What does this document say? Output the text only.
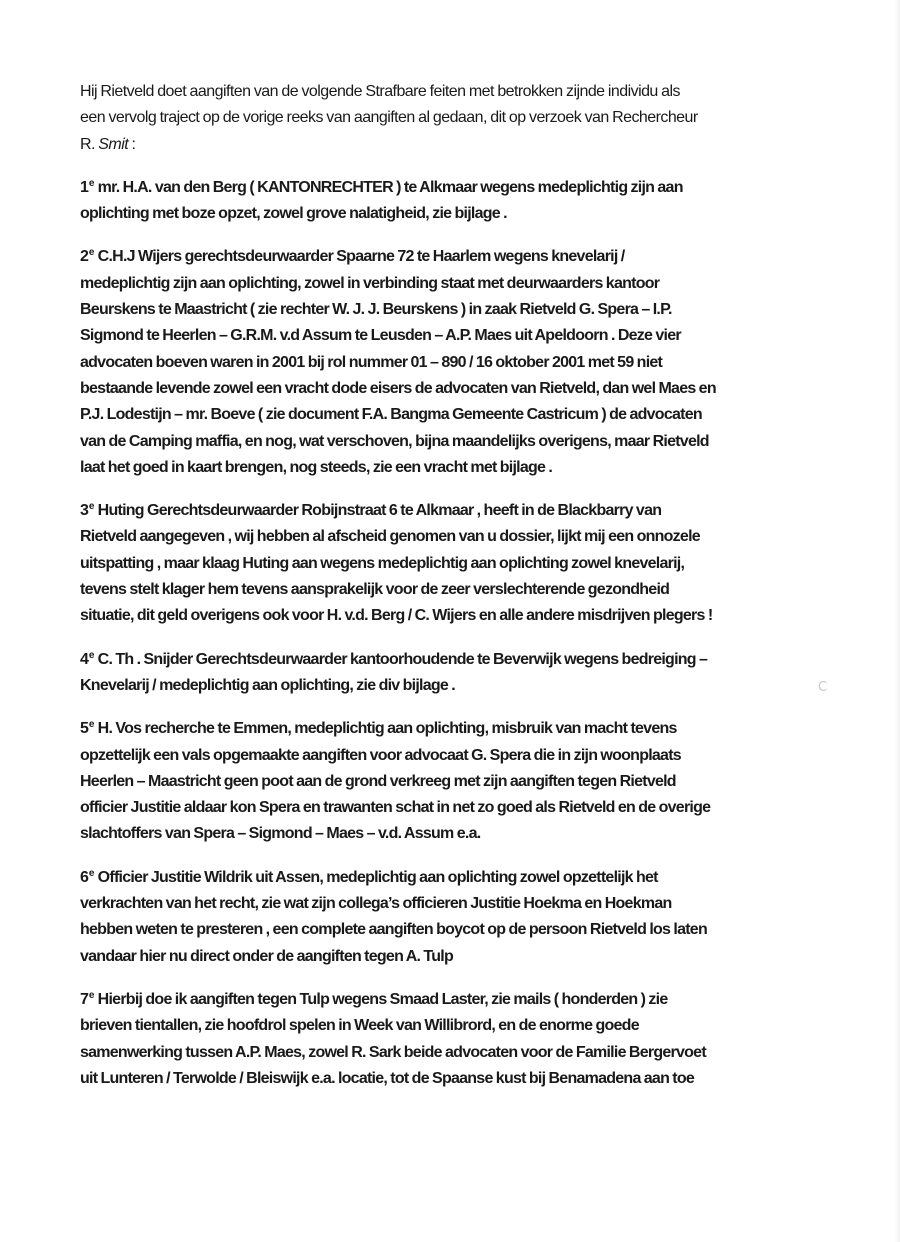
Hij Rietveld doet aangiften van de volgende Strafbare feiten met betrokken zijnde individu als
een vervolg traject op de vorige reeks van aangiften al gedaan, dit op verzoek van Rechercheur
R. Smit :

1e mr. H.A. van den Berg ( KANTONRECHTER ) te Alkmaar wegens medeplichtig zijn aan
oplichting met boze opzet, zowel grove nalatigheid, zie bijlage .

2e C.H.J Wijers gerechtsdeurwaarder Spaarne 72 te Haarlem wegens knevelarij /
medeplichtig zijn aan oplichting, zowel in verbinding staat met deurwaarders kantoor
Beurskens te Maastricht ( zie rechter W. J. J. Beurskens ) in zaak Rietveld G. Spera – I.P.
Sigmond te Heerlen – G.R.M. v.d Assum te Leusden – A.P. Maes uit Apeldoorn . Deze vier
advocaten boeven waren in 2001 bij rol nummer 01 – 890 / 16 oktober 2001 met 59 niet
bestaande levende zowel een vracht dode eisers de advocaten van Rietveld, dan wel Maes en
P.J. Lodestijn – mr. Boeve ( zie document F.A. Bangma Gemeente Castricum ) de advocaten
van de Camping maffia, en nog, wat verschoven, bijna maandelijks overigens, maar Rietveld
laat het goed in kaart brengen, nog steeds, zie een vracht met bijlage .

3e Huting Gerechtsdeurwaarder Robijnstraat 6 te Alkmaar , heeft in de Blackbarry van
Rietveld aangegeven , wij hebben al afscheid genomen van u dossier, lijkt mij een onnozele
uitspatting , maar klaag Huting aan wegens medeplichtig aan oplichting zowel knevelarij,
tevens stelt klager hem tevens aansprakelijk voor de zeer verslechterende gezondheid
situatie, dit geld overigens ook voor H. v.d. Berg / C. Wijers en alle andere misdrijven plegers !

4e C. Th . Snijder Gerechtsdeurwaarder kantoorhoudende te Beverwijk wegens bedreiging –
Knevelarij / medeplichtig aan oplichting, zie div bijlage .

5e H. Vos recherche te Emmen, medeplichtig aan oplichting, misbruik van macht tevens
opzettelijk een vals opgemaakte aangiften voor advocaat G. Spera die in zijn woonplaats
Heerlen – Maastricht geen poot aan de grond verkreeg met zijn aangiften tegen Rietveld
officier Justitie aldaar kon Spera en trawanten schat in net zo goed als Rietveld en de overige
slachtoffers van Spera – Sigmond – Maes – v.d. Assum e.a.

6e Officier Justitie Wildrik uit Assen, medeplichtig aan oplichting zowel opzettelijk het
verkrachten van het recht, zie wat zijn collega’s officieren Justitie Hoekma en Hoekman
hebben weten te presteren , een complete aangiften boycot op de persoon Rietveld los laten
vandaar hier nu direct onder de aangiften tegen A. Tulp

7e Hierbij doe ik aangiften tegen Tulp wegens Smaad Laster, zie mails ( honderden ) zie
brieven tientallen, zie hoofdrol spelen in Week van Willibrord, en de enorme goede
samenwerking tussen A.P. Maes, zowel R. Sark beide advocaten voor de Familie Bergervoet
uit Lunteren / Terwolde / Bleiswijk e.a. locatie, tot de Spaanse kust bij Benamadena aan toe

C
